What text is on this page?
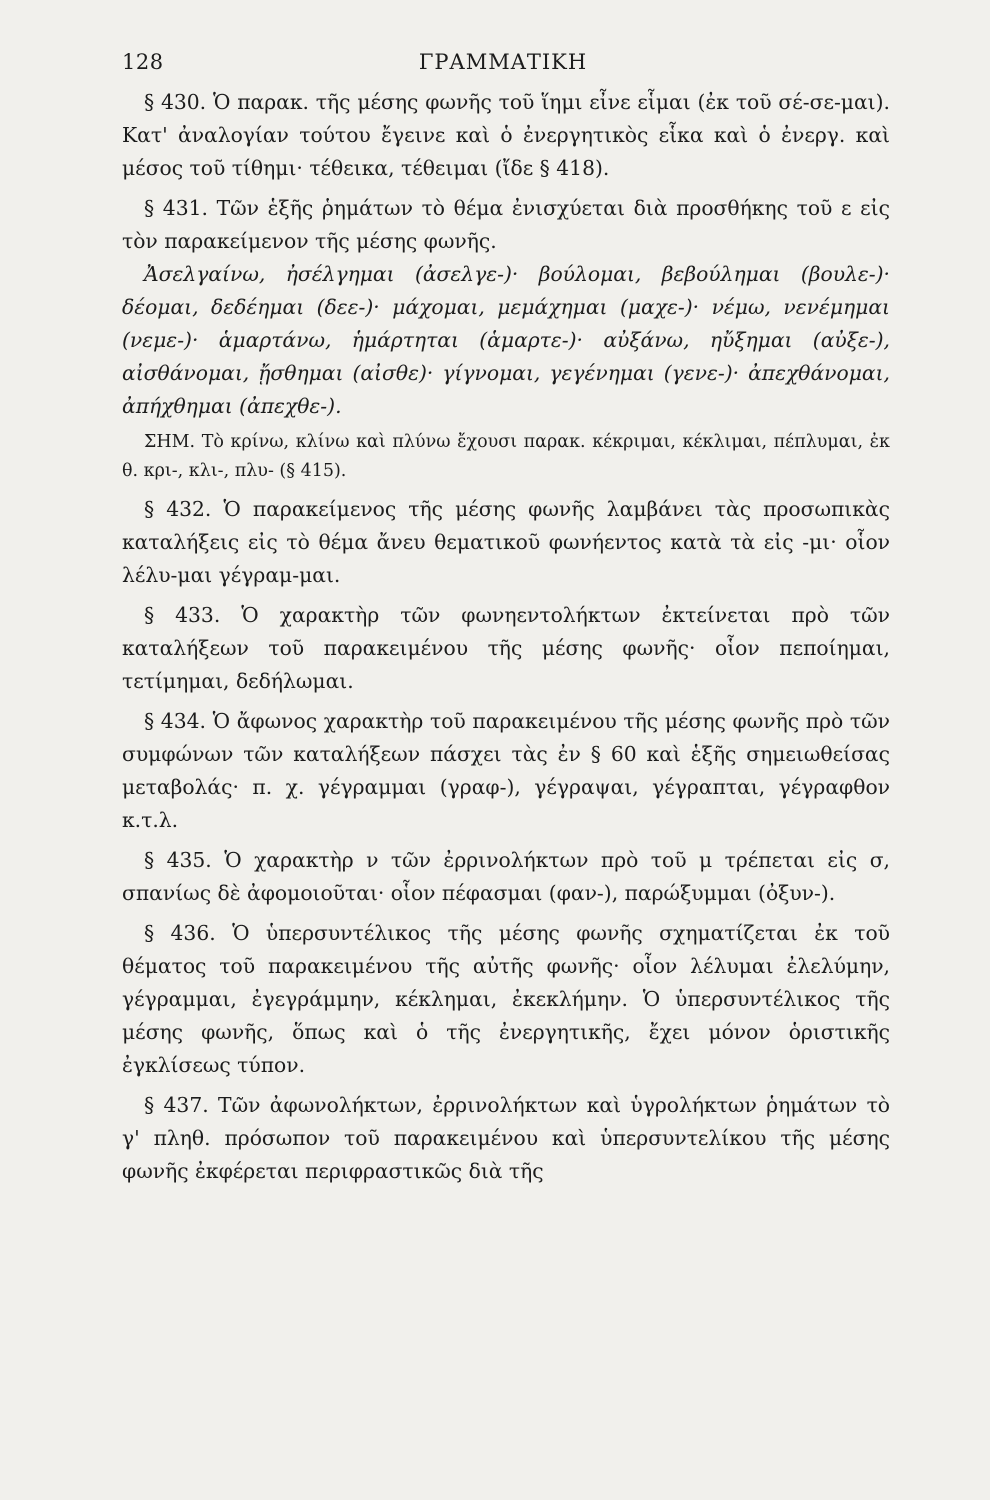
128	ΓΡΑΜΜΑΤΙΚΗ

§ 430. Ὁ παρακ. τῆς μέσης φωνῆς τοῦ ἵημι εἶνε εἷμαι (ἐκ τοῦ σέ-σε-μαι). Κατ' ἀναλογίαν τούτου ἔγεινε καὶ ὁ ἐνεργητικὸς εἷκα καὶ ὁ ἐνεργ. καὶ μέσος τοῦ τίθημι· τέθεικα, τέθειμαι (ἴδε § 418).

§ 431. Τῶν ἑξῆς ῥημάτων τὸ θέμα ἐνισχύεται διὰ προσθήκης τοῦ ε εἰς τὸν παρακείμενον τῆς μέσης φωνῆς.

Ἀσελγαίνω, ἠσέλγημαι (ἀσελγε-)· βούλομαι, βεβούλημαι (βουλε-)· δέομαι, δεδέημαι (δεε-)· μάχομαι, μεμάχημαι (μαχε-)· νέμω, νενέμημαι (νεμε-)· ἁμαρτάνω, ἡμάρτηται (ἁμαρτε-)· αὐξάνω, ηὔξημαι (αὐξε-), αἰσθάνομαι, ᾔσθημαι (αἰσθε)· γίγνομαι, γεγένημαι (γενε-)· ἀπεχθάνομαι, ἀπήχθημαι (ἀπεχθε-).

ΣΗΜ. Τὸ κρίνω, κλίνω καὶ πλύνω ἔχουσι παρακ. κέκριμαι, κέκλιμαι, πέπλυμαι, ἐκ θ. κρι-, κλι-, πλυ- (§ 415).

§ 432. Ὁ παρακείμενος τῆς μέσης φωνῆς λαμβάνει τὰς προσωπικὰς καταλήξεις εἰς τὸ θέμα ἄνευ θεματικοῦ φωνήεντος κατὰ τὰ εἰς -μι· οἷον λέλυ-μαι γέγραμ-μαι.

§ 433. Ὁ χαρακτὴρ τῶν φωνηεντολήκτων ἐκτείνεται πρὸ τῶν καταλήξεων τοῦ παρακειμένου τῆς μέσης φωνῆς· οἷον πεποίημαι, τετίμημαι, δεδήλωμαι.

§ 434. Ὁ ἄφωνος χαρακτὴρ τοῦ παρακειμένου τῆς μέσης φωνῆς πρὸ τῶν συμφώνων τῶν καταλήξεων πάσχει τὰς ἐν § 60 καὶ ἑξῆς σημειωθείσας μεταβολάς· π. χ. γέγραμμαι (γραφ-), γέγραψαι, γέγραπται, γέγραφθον κ.τ.λ.

§ 435. Ὁ χαρακτὴρ ν τῶν ἐρρινολήκτων πρὸ τοῦ μ τρέπεται εἰς σ, σπανίως δὲ ἀφομοιοῦται· οἷον πέφασμαι (φαν-), παρώξυμμαι (ὀξυν-).

§ 436. Ὁ ὑπερσυντέλικος τῆς μέσης φωνῆς σχηματίζεται ἐκ τοῦ θέματος τοῦ παρακειμένου τῆς αὐτῆς φωνῆς· οἷον λέλυμαι ἐλελύμην, γέγραμμαι, ἐγεγράμμην, κέκλημαι, ἐκεκλήμην. Ὁ ὑπερσυντέλικος τῆς μέσης φωνῆς, ὅπως καὶ ὁ τῆς ἐνεργητικῆς, ἔχει μόνον ὁριστικῆς ἐγκλίσεως τύπον.

§ 437. Τῶν ἀφωνολήκτων, ἐρρινολήκτων καὶ ὑγρολήκτων ῥημάτων τὸ γ' πληθ. πρόσωπον τοῦ παρακειμένου καὶ ὑπερσυντελίκου τῆς μέσης φωνῆς ἐκφέρεται περιφραστικῶς διὰ τῆς
